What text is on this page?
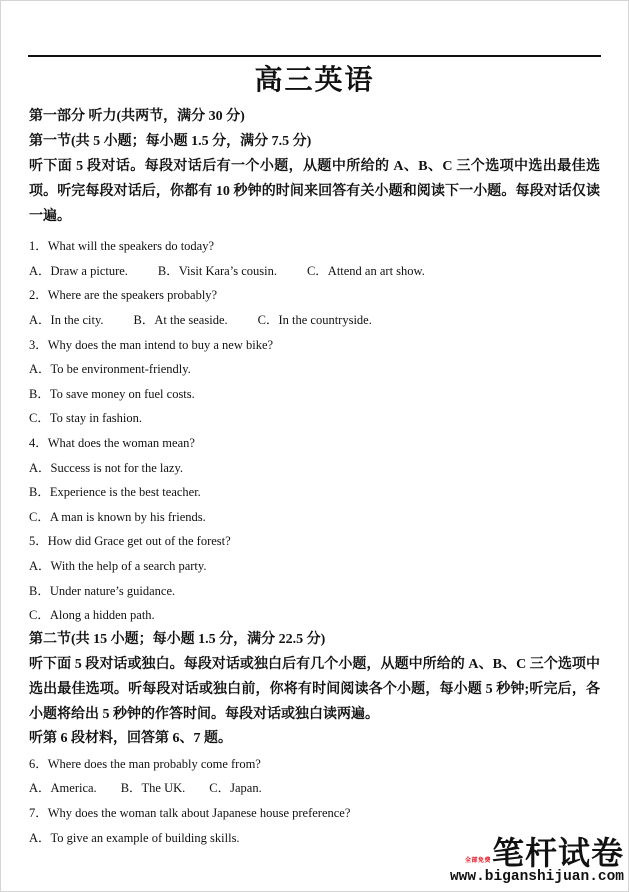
高三英语

第一部分 听力(共两节，满分 30 分)

第一节(共 5 小题；每小题 1.5 分，满分 7.5 分)

听下面 5 段对话。每段对话后有一个小题，从题中所给的 A、B、C 三个选项中选出最佳选项。听完每段对话后，你都有 10 秒钟的时间来回答有关小题和阅读下一小题。每段对话仅读一遍。

1．What will the speakers do today?

A．Draw a picture. B．Visit Kara’s cousin. C．Attend an art show.

2．Where are the speakers probably?

A．In the city. B．At the seaside. C．In the countryside.

3．Why does the man intend to buy a new bike?

A．To be environment-friendly.

B．To save money on fuel costs.

C．To stay in fashion.

4．What does the woman mean?

A．Success is not for the lazy.

B．Experience is the best teacher.

C．A man is known by his friends.

5．How did Grace get out of the forest?

A．With the help of a search party.

B．Under nature’s guidance.

C．Along a hidden path.

第二节(共 15 小题；每小题 1.5 分，满分 22.5 分)

听下面 5 段对话或独白。每段对话或独白后有几个小题，从题中所给的 A、B、C 三个选项中选出最佳选项。听每段对话或独白前，你将有时间阅读各个小题，每小题 5 秒钟;听完后，各小题将给出 5 秒钟的作答时间。每段对话或独白读两遍。

听第 6 段材料，回答第 6、7 题。

6．Where does the man probably come from?

A．America. B．The UK. C．Japan.

7．Why does the woman talk about Japanese house preference?

A．To give an example of building skills.

全部免费 笔杆试卷
www.biganshijuan.com
